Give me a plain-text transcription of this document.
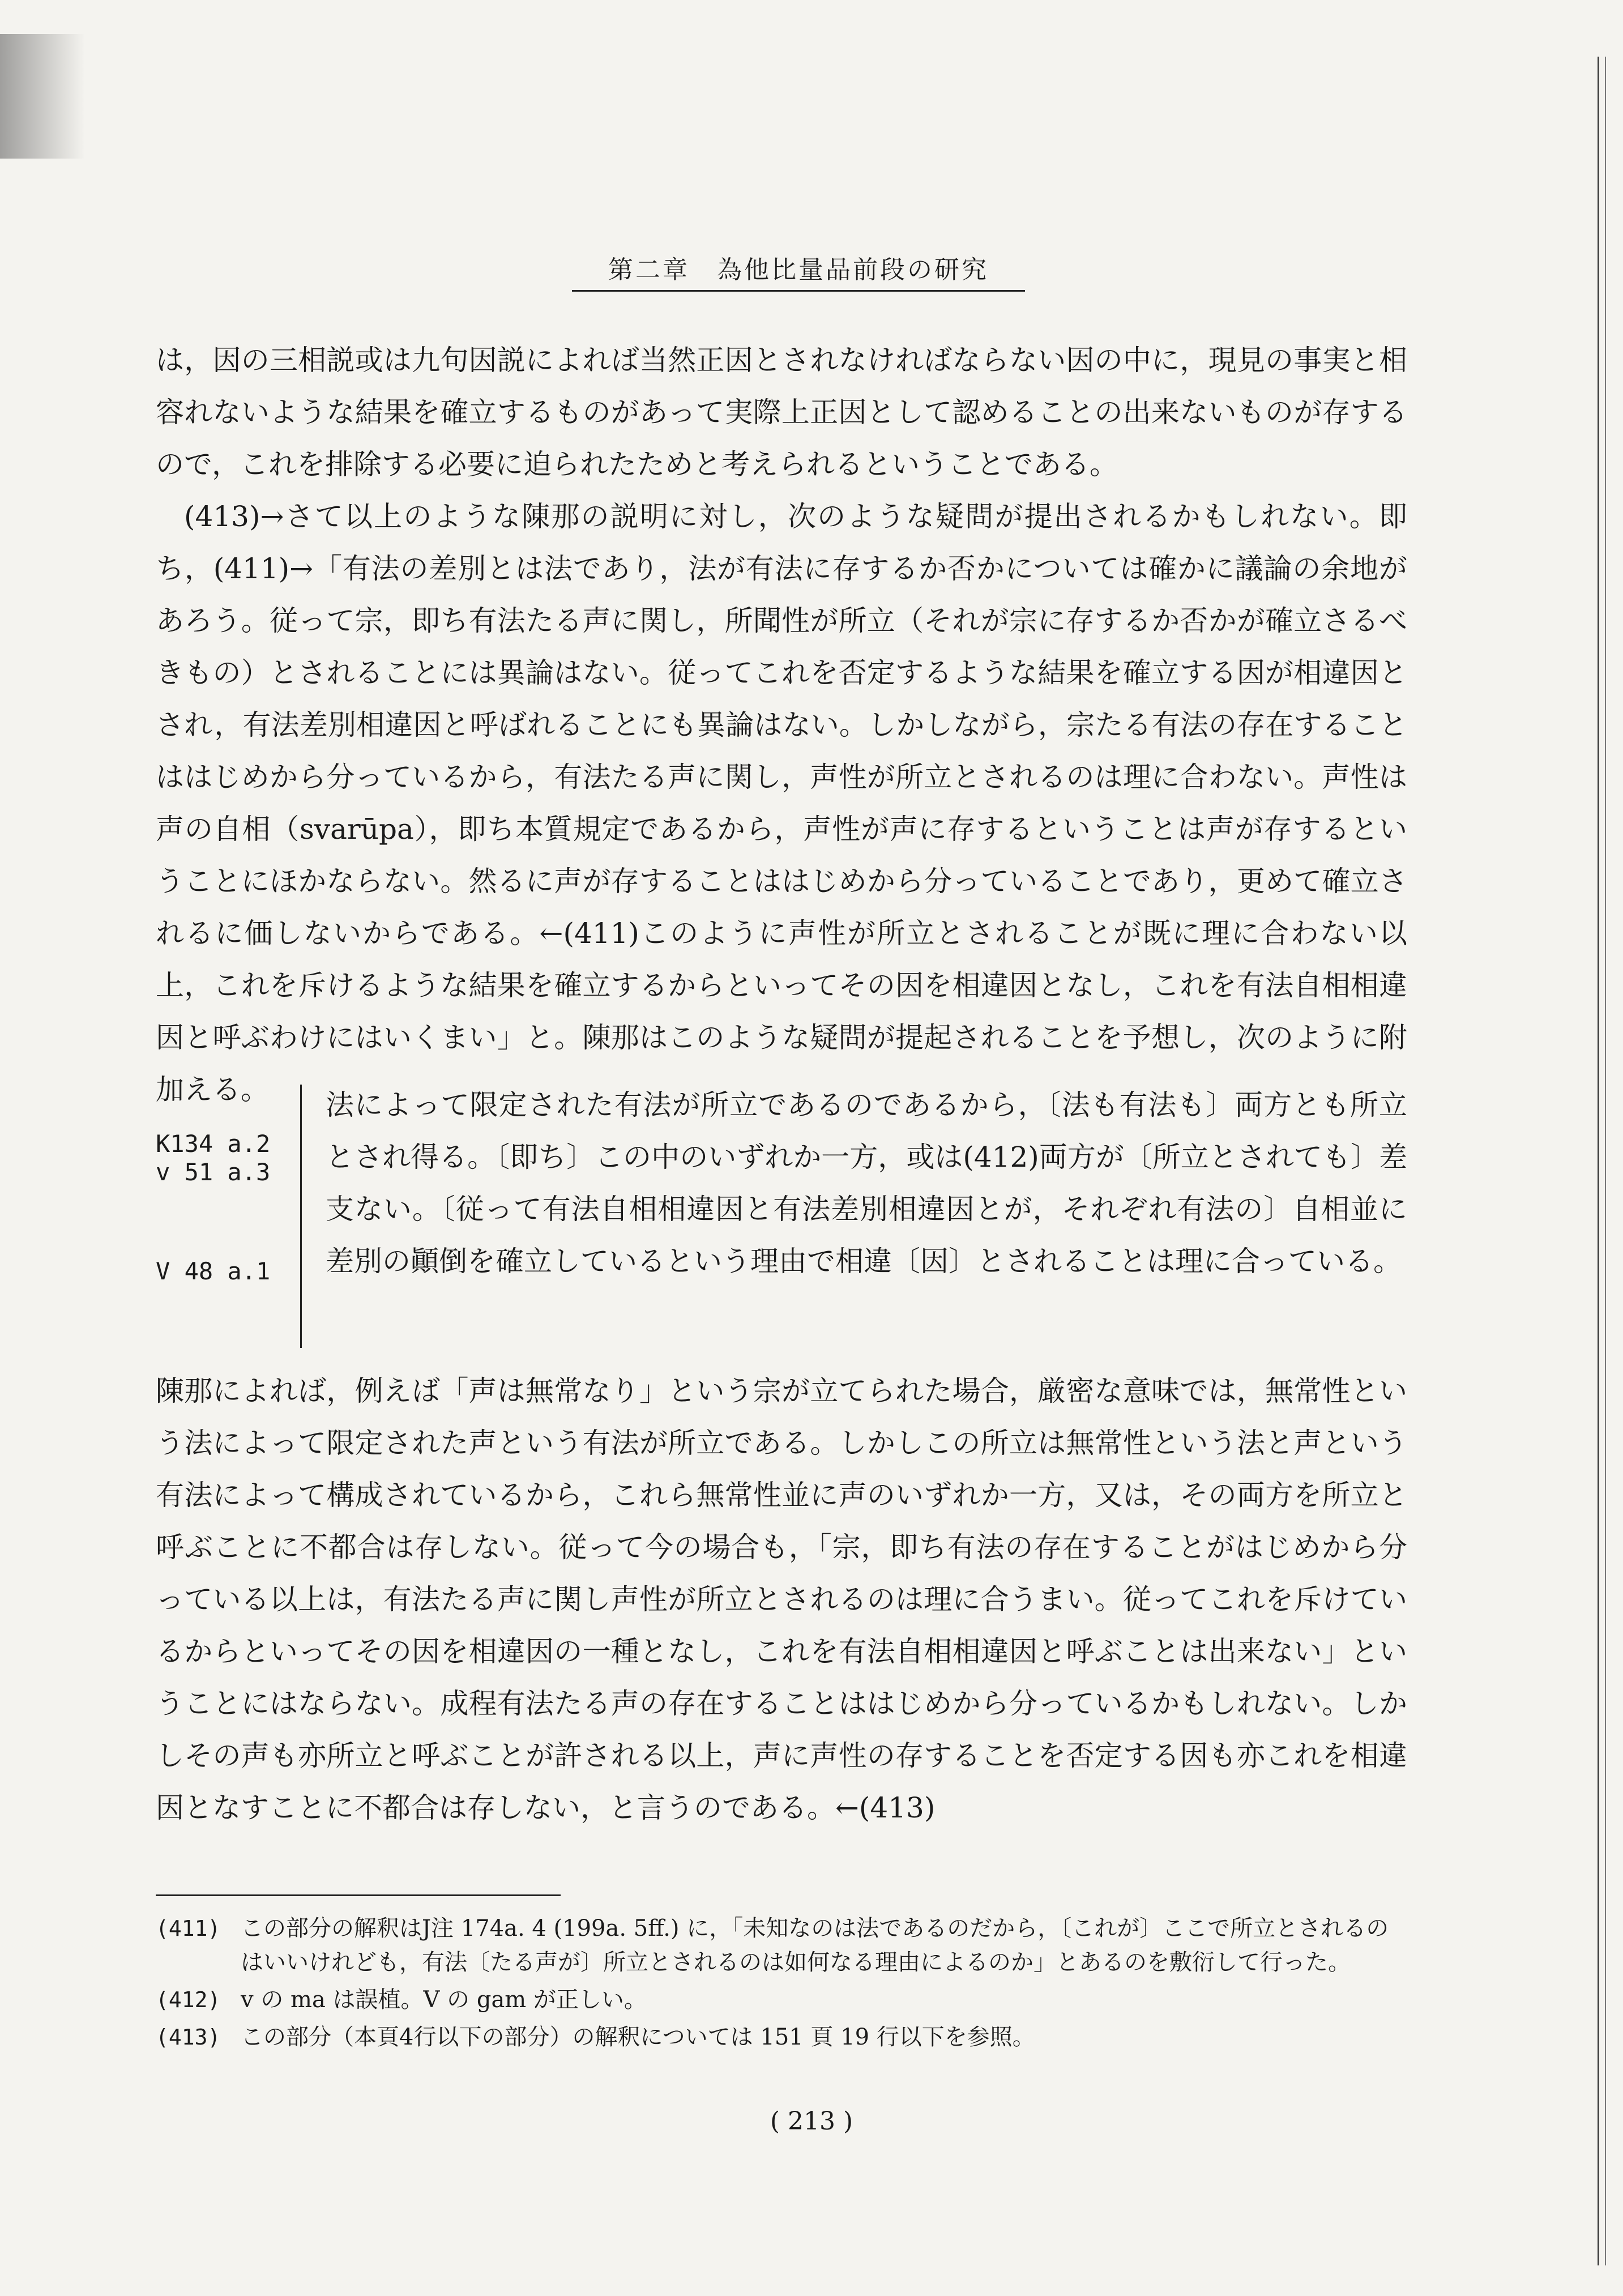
第二章　為他比量品前段の研究

は，因の三相説或は九句因説によれば当然正因とされなければならない因の中に，現見の事実と相容れないような結果を確立するものがあって実際上正因として認めることの出来ないものが存するので，これを排除する必要に迫られたためと考えられるということである。

(413)→さて以上のような陳那の説明に対し，次のような疑問が提出されるかもしれない。即ち，(411)→「有法の差別とは法であり，法が有法に存するか否かについては確かに議論の余地があろう。従って宗，即ち有法たる声に関し，所聞性が所立（それが宗に存するか否かが確立さるべきもの）とされることには異論はない。従ってこれを否定するような結果を確立する因が相違因とされ，有法差別相違因と呼ばれることにも異論はない。しかしながら，宗たる有法の存在することははじめから分っているから，有法たる声に関し，声性が所立とされるのは理に合わない。声性は声の自相（svarūpa），即ち本質規定であるから，声性が声に存するということは声が存するということにほかならない。然るに声が存することははじめから分っていることであり，更めて確立されるに価しないからである。←(411)このように声性が所立とされることが既に理に合わない以上，これを斥けるような結果を確立するからといってその因を相違因となし，これを有法自相相違因と呼ぶわけにはいくまい」と。陳那はこのような疑問が提起されることを予想し，次のように附加える。

K134 a.2
v 51 a.3
V 48 a.1
法によって限定された有法が所立であるのであるから，〔法も有法も〕両方とも所立とされ得る。〔即ち〕この中のいずれか一方，或は(412)両方が〔所立とされても〕差支ない。〔従って有法自相相違因と有法差別相違因とが，それぞれ有法の〕自相並に差別の顚倒を確立しているという理由で相違〔因〕とされることは理に合っている。

陳那によれば，例えば「声は無常なり」という宗が立てられた場合，厳密な意味では，無常性という法によって限定された声という有法が所立である。しかしこの所立は無常性という法と声という有法によって構成されているから，これら無常性並に声のいずれか一方，又は，その両方を所立と呼ぶことに不都合は存しない。従って今の場合も，「宗，即ち有法の存在することがはじめから分っている以上は，有法たる声に関し声性が所立とされるのは理に合うまい。従ってこれを斥けているからといってその因を相違因の一種となし，これを有法自相相違因と呼ぶことは出来ない」ということにはならない。成程有法たる声の存在することははじめから分っているかもしれない。しかしその声も亦所立と呼ぶことが許される以上，声に声性の存することを否定する因も亦これを相違因となすことに不都合は存しない，と言うのである。←(413)

(411) この部分の解釈はJ注 174a. 4 (199a. 5ff.) に，「未知なのは法であるのだから，〔これが〕ここで所立とされるのはいいけれども，有法〔たる声が〕所立とされるのは如何なる理由によるのか」とあるのを敷衍して行った。
(412) v の ma は誤植。V の gam が正しい。
(413) この部分（本頁4行以下の部分）の解釈については 151 頁 19 行以下を参照。
( 213 )
